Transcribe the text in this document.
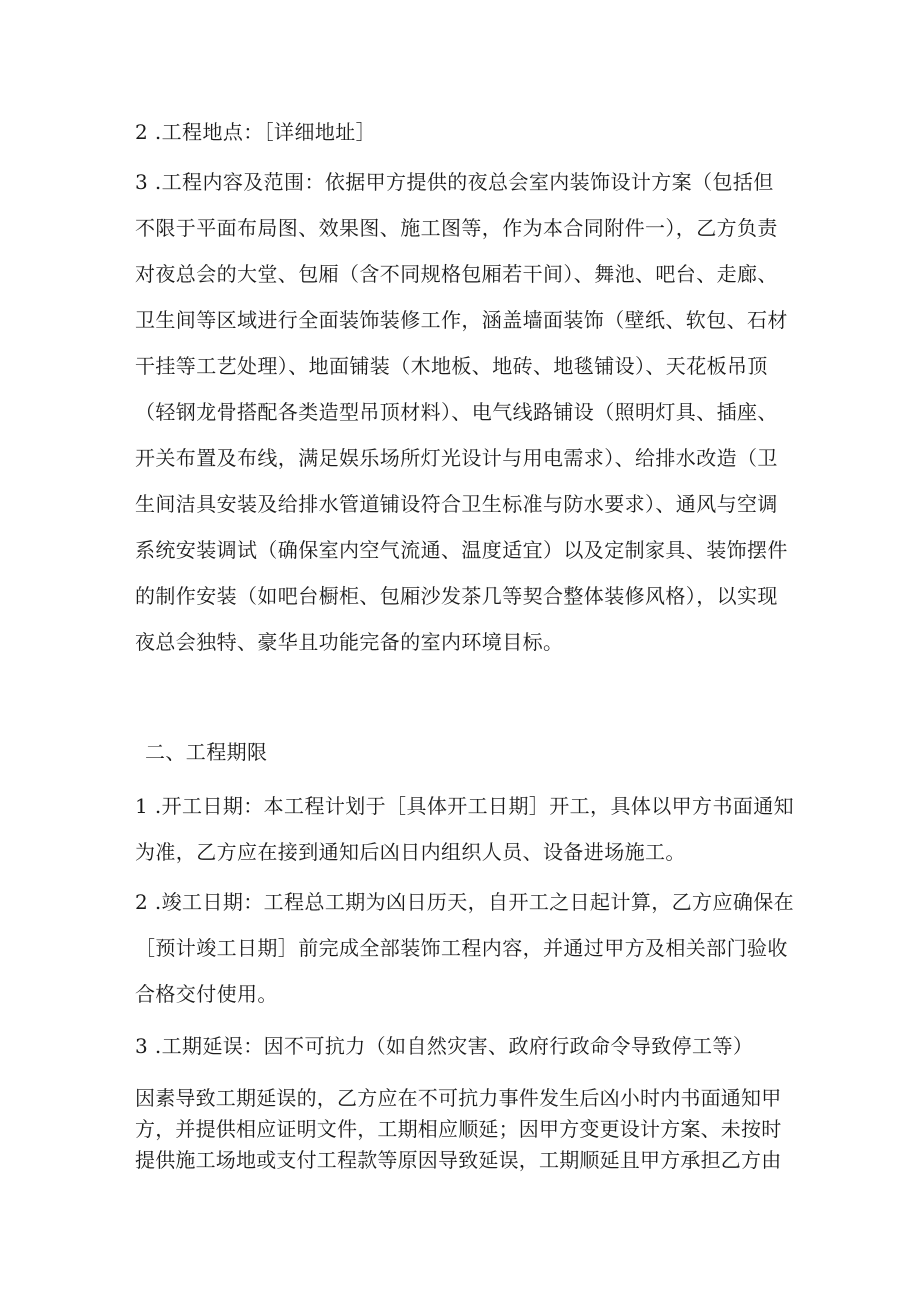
2 .工程地点：［详细地址］
3 .工程内容及范围：依据甲方提供的夜总会室内装饰设计方案（包括但
不限于平面布局图、效果图、施工图等，作为本合同附件一），乙方负责
对夜总会的大堂、包厢（含不同规格包厢若干间）、舞池、吧台、走廊、
卫生间等区域进行全面装饰装修工作，涵盖墙面装饰（壁纸、软包、石材
干挂等工艺处理）、地面铺装（木地板、地砖、地毯铺设）、天花板吊顶
（轻钢龙骨搭配各类造型吊顶材料）、电气线路铺设（照明灯具、插座、
开关布置及布线，满足娱乐场所灯光设计与用电需求）、给排水改造（卫
生间洁具安装及给排水管道铺设符合卫生标准与防水要求）、通风与空调
系统安装调试（确保室内空气流通、温度适宜）以及定制家具、装饰摆件
的制作安装（如吧台橱柜、包厢沙发茶几等契合整体装修风格），以实现
夜总会独特、豪华且功能完备的室内环境目标。
二、工程期限
1 .开工日期：本工程计划于［具体开工日期］开工，具体以甲方书面通知
为准，乙方应在接到通知后凶日内组织人员、设备进场施工。
2 .竣工日期：工程总工期为凶日历天，自开工之日起计算，乙方应确保在
［预计竣工日期］前完成全部装饰工程内容，并通过甲方及相关部门验收
合格交付使用。
3 .工期延误：因不可抗力（如自然灾害、政府行政命令导致停工等）
因素导致工期延误的，乙方应在不可抗力事件发生后凶小时内书面通知甲
方，并提供相应证明文件，工期相应顺延；因甲方变更设计方案、未按时
提供施工场地或支付工程款等原因导致延误，工期顺延且甲方承担乙方由
